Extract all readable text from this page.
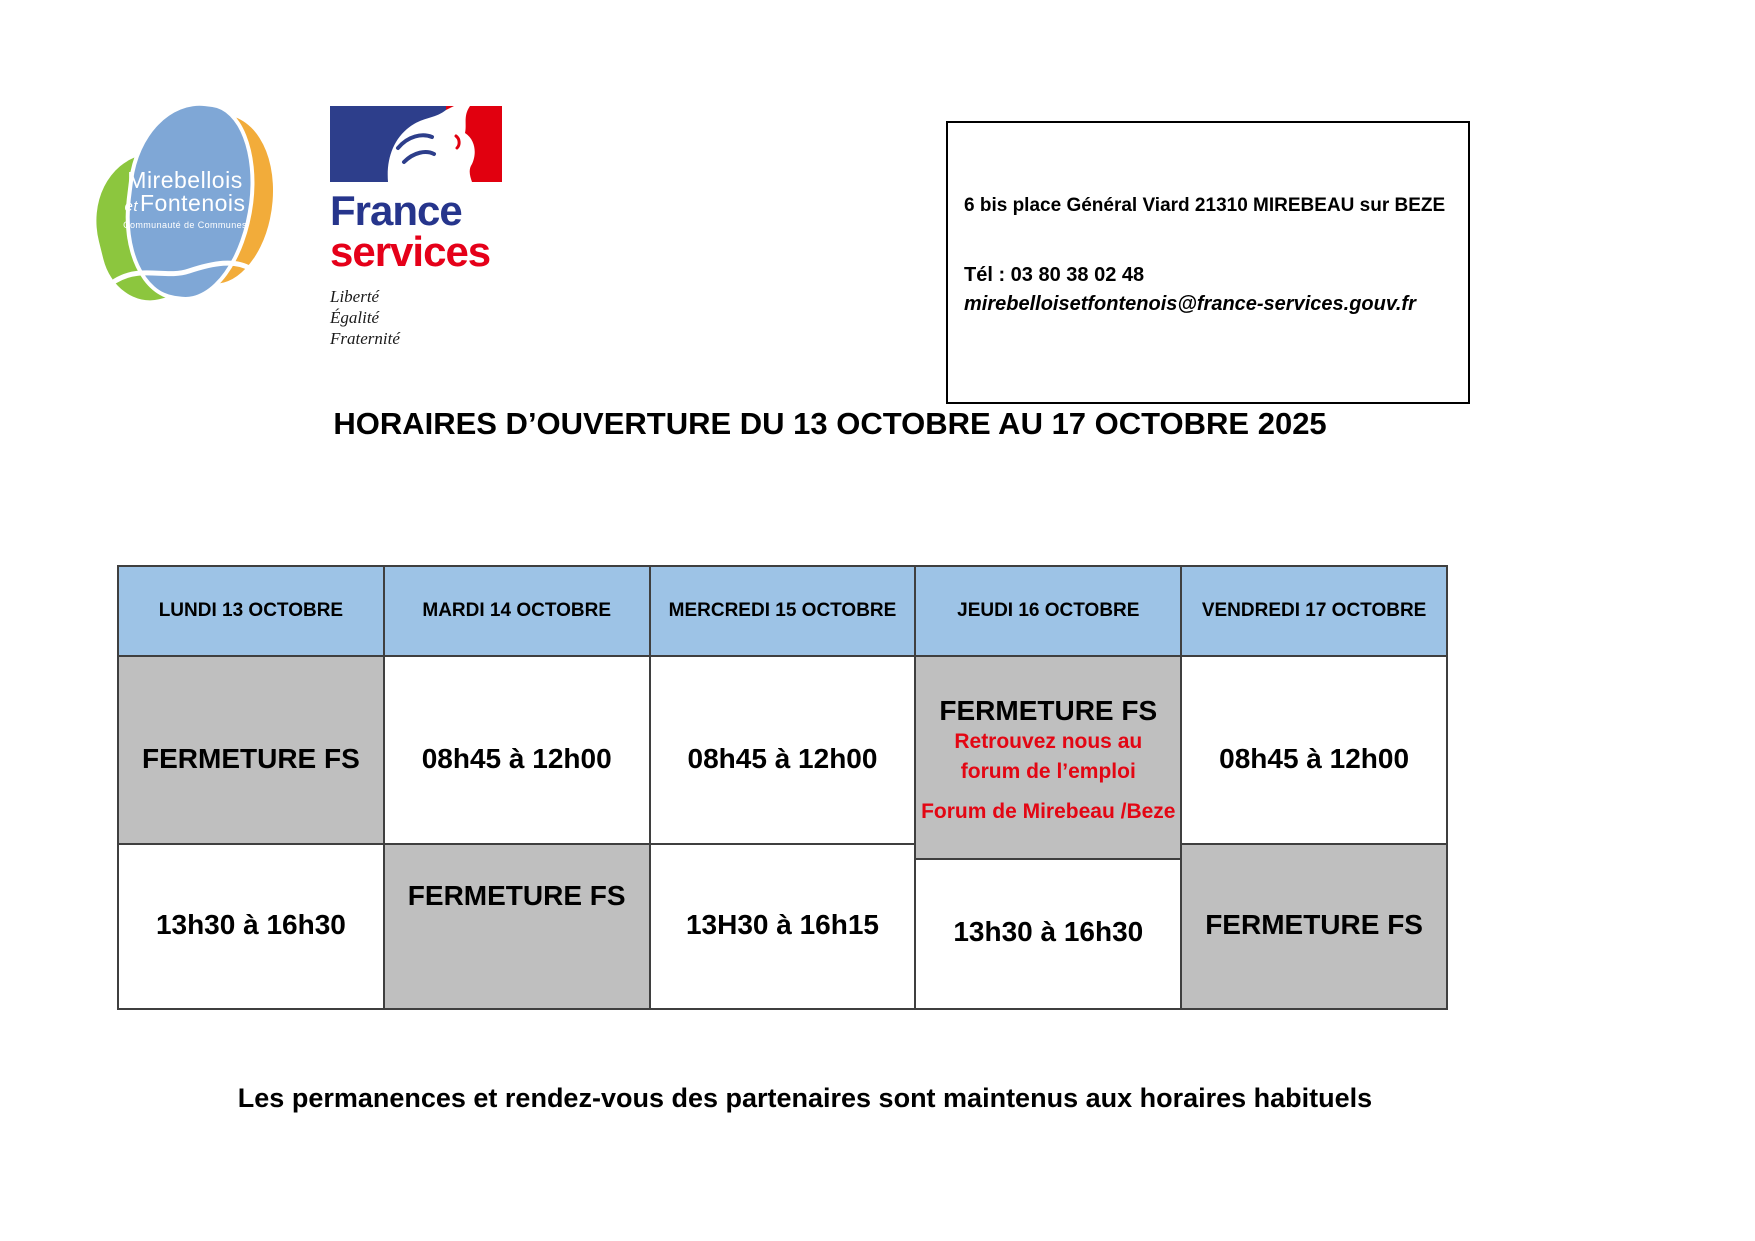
Mirebellois
etFontenois
Communauté de Communes	France
services
Liberté
Égalité
Fraternité
6 bis place Général Viard 21310 MIREBEAU sur BEZE
Tél : 03 80 38 02 48
mirebelloisetfontenois@france-services.gouv.fr
HORAIRES D’OUVERTURE DU 13 OCTOBRE AU 17 OCTOBRE 2025
LUNDI 13 OCTOBRE
FERMETURE FS
13h30 à 16h30
MARDI 14 OCTOBRE
08h45 à 12h00
FERMETURE FS
MERCREDI 15 OCTOBRE
08h45 à 12h00
13H30 à 16h15
JEUDI 16 OCTOBRE
FERMETURE FS
Retrouvez nous au forum de l’emploi
Forum de Mirebeau /Beze
13h30 à 16h30
VENDREDI 17 OCTOBRE
08h45 à 12h00
FERMETURE FS
Les permanences et rendez-vous des partenaires sont maintenus aux horaires habituels
